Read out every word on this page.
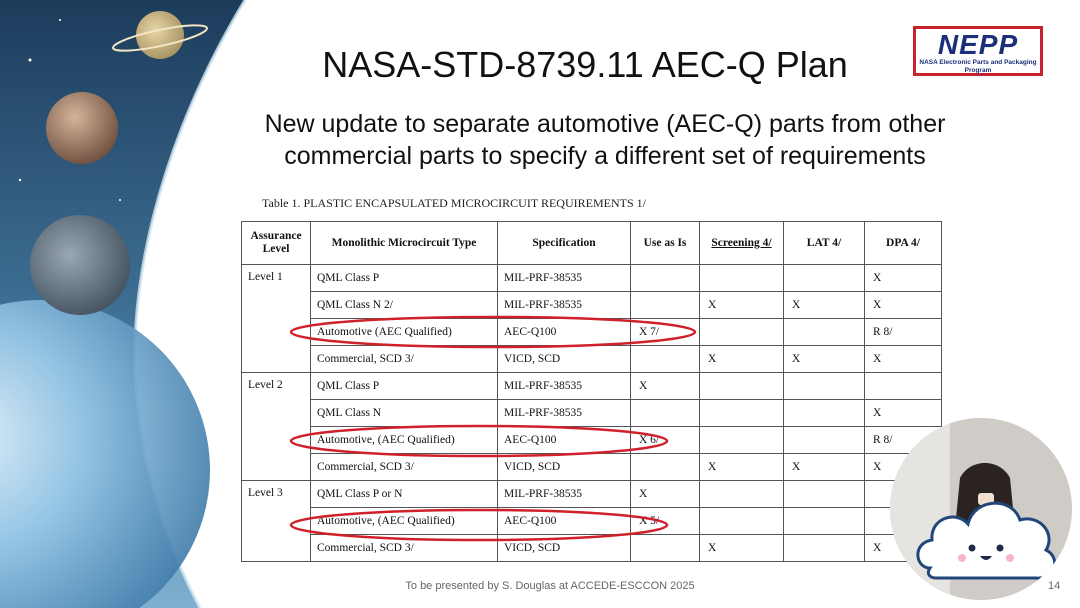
NASA-STD-8739.11 AEC-Q Plan
New update to separate automotive (AEC-Q) parts from other
commercial parts to specify a different set of requirements
NEPP
NASA Electronic Parts and Packaging Program
Table 1. PLASTIC ENCAPSULATED MICROCIRCUIT REQUIREMENTS 1/
Assurance
Level	Monolithic Microcircuit Type	Specification	Use as Is	Screening 4/	LAT 4/	DPA 4/
Level 1	QML Class P	MIL-PRF-38535				X
	QML Class N 2/	MIL-PRF-38535		X	X	X
	Automotive (AEC Qualified)	AEC-Q100	X 7/			R 8/
	Commercial, SCD 3/	VICD, SCD		X	X	X
Level 2	QML Class P	MIL-PRF-38535	X			
	QML Class N	MIL-PRF-38535				X
	Automotive, (AEC Qualified)	AEC-Q100	X 6/			R 8/
	Commercial, SCD 3/	VICD, SCD		X	X	X
Level 3	QML Class P or N	MIL-PRF-38535	X			
	Automotive, (AEC Qualified)	AEC-Q100	X 5/			
	Commercial, SCD 3/	VICD, SCD		X		X
To be presented by S. Douglas at ACCEDE-ESCCON 2025	14
